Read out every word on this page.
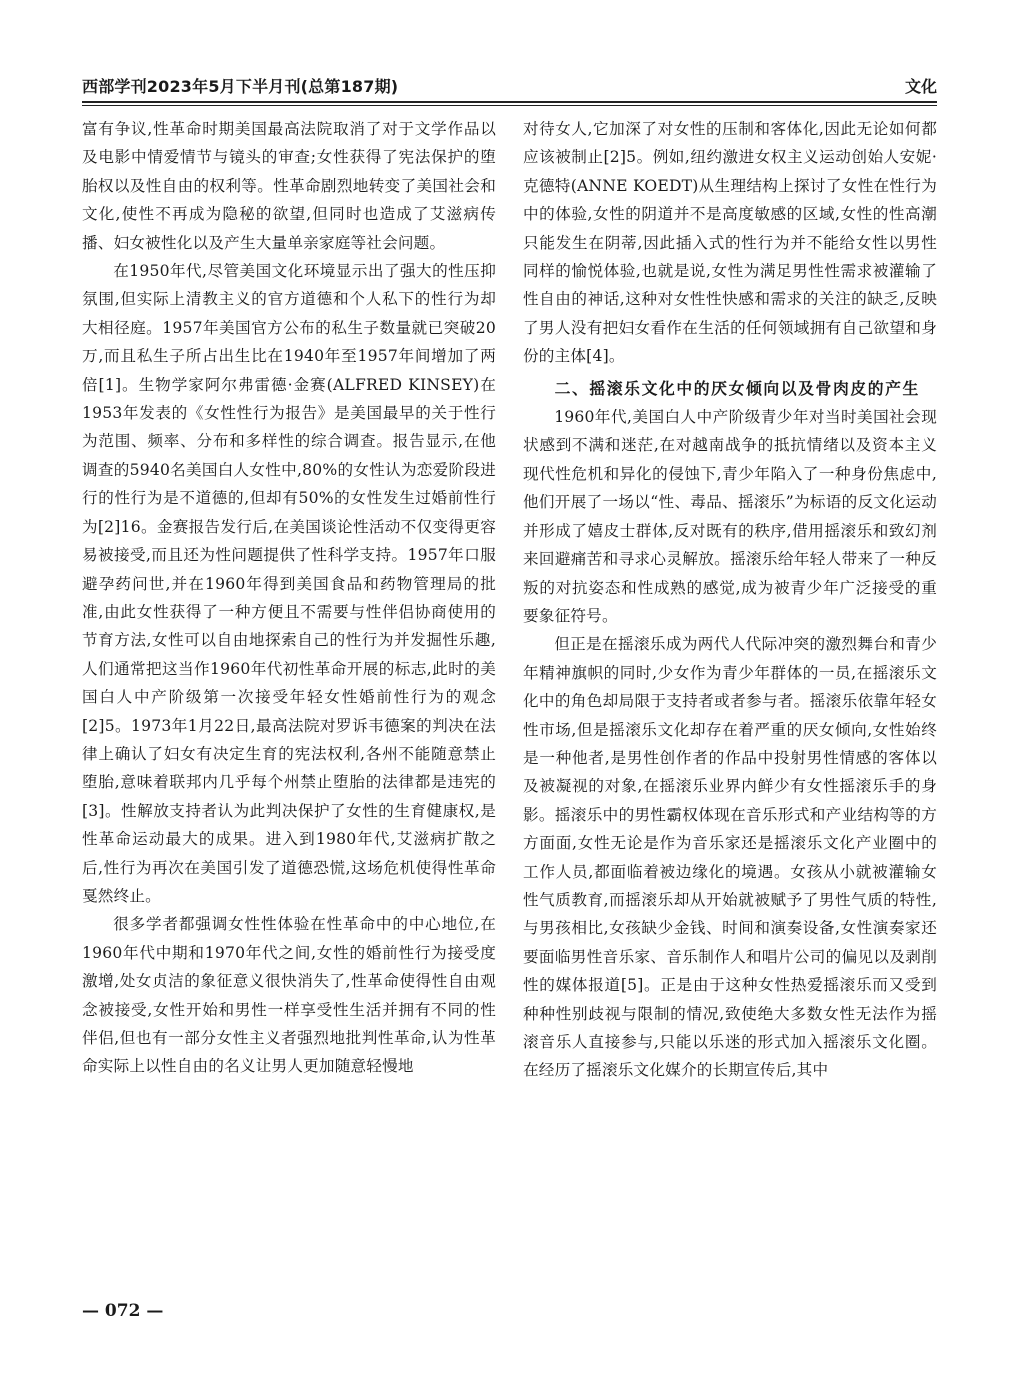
西部学刊2023年5月下半月刊(总第187期)	文化

富有争议,性革命时期美国最高法院取消了对于文学作品以及电影中情爱情节与镜头的审查;女性获得了宪法保护的堕胎权以及性自由的权利等。性革命剧烈地转变了美国社会和文化,使性不再成为隐秘的欲望,但同时也造成了艾滋病传播、妇女被性化以及产生大量单亲家庭等社会问题。

在1950年代,尽管美国文化环境显示出了强大的性压抑氛围,但实际上清教主义的官方道德和个人私下的性行为却大相径庭。1957年美国官方公布的私生子数量就已突破20万,而且私生子所占出生比在1940年至1957年间增加了两倍[1]。生物学家阿尔弗雷德·金赛(ALFRED KINSEY)在1953年发表的《女性性行为报告》是美国最早的关于性行为范围、频率、分布和多样性的综合调查。报告显示,在他调查的5940名美国白人女性中,80%的女性认为恋爱阶段进行的性行为是不道德的,但却有50%的女性发生过婚前性行为[2]16。金赛报告发行后,在美国谈论性活动不仅变得更容易被接受,而且还为性问题提供了性科学支持。1957年口服避孕药问世,并在1960年得到美国食品和药物管理局的批准,由此女性获得了一种方便且不需要与性伴侣协商使用的节育方法,女性可以自由地探索自己的性行为并发掘性乐趣,人们通常把这当作1960年代初性革命开展的标志,此时的美国白人中产阶级第一次接受年轻女性婚前性行为的观念[2]5。1973年1月22日,最高法院对罗诉韦德案的判决在法律上确认了妇女有决定生育的宪法权利,各州不能随意禁止堕胎,意味着联邦内几乎每个州禁止堕胎的法律都是违宪的[3]。性解放支持者认为此判决保护了女性的生育健康权,是性革命运动最大的成果。进入到1980年代,艾滋病扩散之后,性行为再次在美国引发了道德恐慌,这场危机使得性革命戛然终止。

很多学者都强调女性性体验在性革命中的中心地位,在1960年代中期和1970年代之间,女性的婚前性行为接受度激增,处女贞洁的象征意义很快消失了,性革命使得性自由观念被接受,女性开始和男性一样享受性生活并拥有不同的性伴侣,但也有一部分女性主义者强烈地批判性革命,认为性革命实际上以性自由的名义让男人更加随意轻慢地

对待女人,它加深了对女性的压制和客体化,因此无论如何都应该被制止[2]5。例如,纽约激进女权主义运动创始人安妮·克德特(ANNE KOEDT)从生理结构上探讨了女性在性行为中的体验,女性的阴道并不是高度敏感的区域,女性的性高潮只能发生在阴蒂,因此插入式的性行为并不能给女性以男性同样的愉悦体验,也就是说,女性为满足男性性需求被灌输了性自由的神话,这种对女性性快感和需求的关注的缺乏,反映了男人没有把妇女看作在生活的任何领域拥有自己欲望和身份的主体[4]。

二、摇滚乐文化中的厌女倾向以及骨肉皮的产生

1960年代,美国白人中产阶级青少年对当时美国社会现状感到不满和迷茫,在对越南战争的抵抗情绪以及资本主义现代性危机和异化的侵蚀下,青少年陷入了一种身份焦虑中,他们开展了一场以“性、毒品、摇滚乐”为标语的反文化运动并形成了嬉皮士群体,反对既有的秩序,借用摇滚乐和致幻剂来回避痛苦和寻求心灵解放。摇滚乐给年轻人带来了一种反叛的对抗姿态和性成熟的感觉,成为被青少年广泛接受的重要象征符号。

但正是在摇滚乐成为两代人代际冲突的激烈舞台和青少年精神旗帜的同时,少女作为青少年群体的一员,在摇滚乐文化中的角色却局限于支持者或者参与者。摇滚乐依靠年轻女性市场,但是摇滚乐文化却存在着严重的厌女倾向,女性始终是一种他者,是男性创作者的作品中投射男性情感的客体以及被凝视的对象,在摇滚乐业界内鲜少有女性摇滚乐手的身影。摇滚乐中的男性霸权体现在音乐形式和产业结构等的方方面面,女性无论是作为音乐家还是摇滚乐文化产业圈中的工作人员,都面临着被边缘化的境遇。女孩从小就被灌输女性气质教育,而摇滚乐却从开始就被赋予了男性气质的特性,与男孩相比,女孩缺少金钱、时间和演奏设备,女性演奏家还要面临男性音乐家、音乐制作人和唱片公司的偏见以及剥削性的媒体报道[5]。正是由于这种女性热爱摇滚乐而又受到种种性别歧视与限制的情况,致使绝大多数女性无法作为摇滚音乐人直接参与,只能以乐迷的形式加入摇滚乐文化圈。在经历了摇滚乐文化媒介的长期宣传后,其中

— 072 —
